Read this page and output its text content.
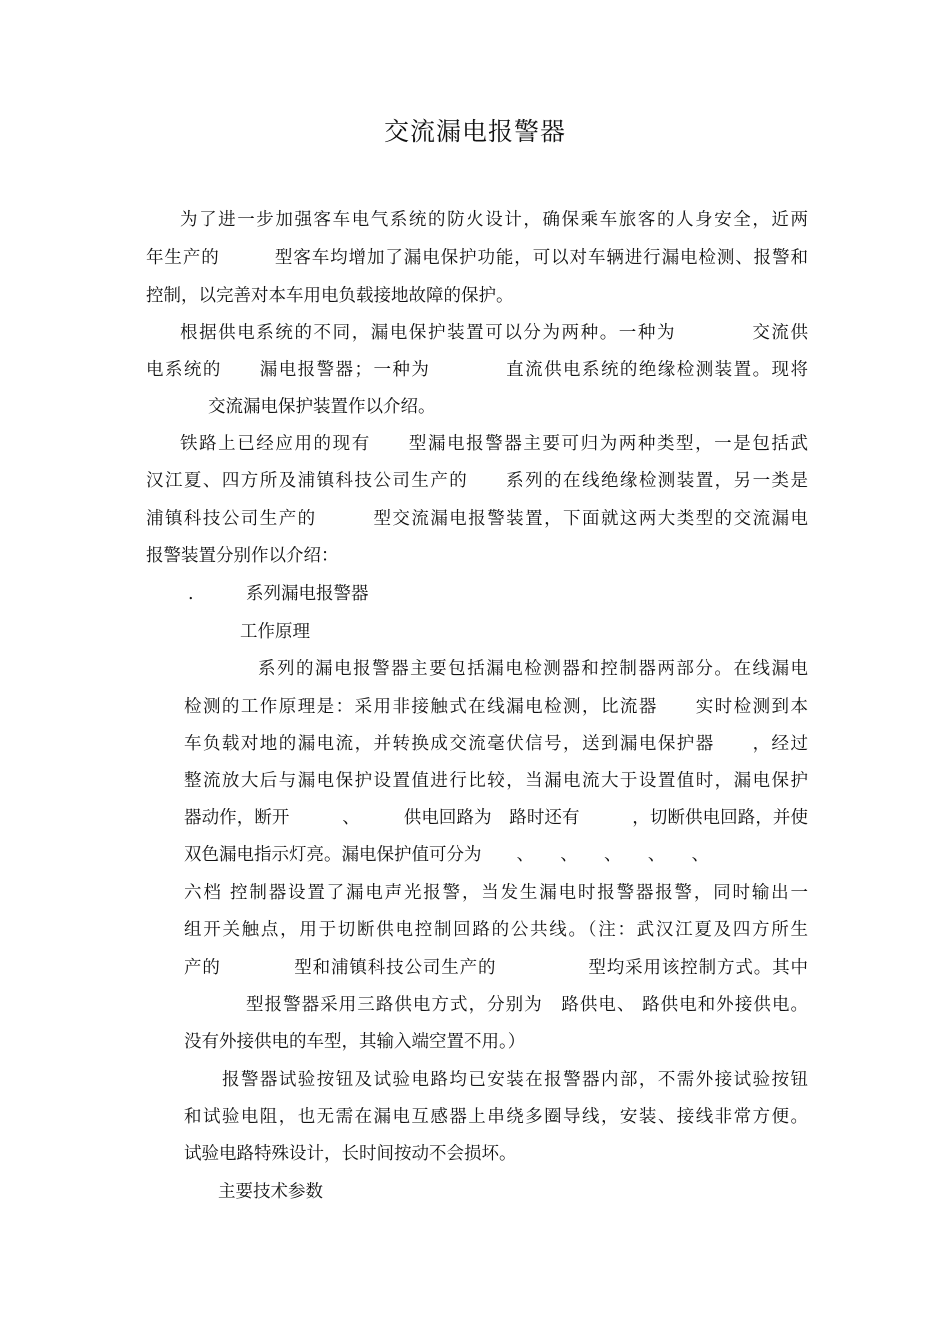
交流漏电报警器
为了进一步加强客车电气系统的防火设计，确保乘车旅客的人身安全，近两
年生产的　　　型客车均增加了漏电保护功能，可以对车辆进行漏电检测、报警和
控制，以完善对本车用电负载接地故障的保护。
根据供电系统的不同，漏电保护装置可以分为两种。一种为　　　　交流供
电系统的　　漏电报警器；一种为　　　　直流供电系统的绝缘检测装置。现将
交流漏电保护装置作以介绍。
铁路上已经应用的现有　　型漏电报警器主要可归为两种类型，一是包括武
汉江夏、四方所及浦镇科技公司生产的　　系列的在线绝缘检测装置，另一类是
浦镇科技公司生产的　　　型交流漏电报警装置，下面就这两大类型的交流漏电
报警装置分别作以介绍：
.	系列漏电报警器
工作原理
系列的漏电报警器主要包括漏电检测器和控制器两部分。在线漏电
检测的工作原理是：采用非接触式在线漏电检测，比流器　　实时检测到本
车负载对地的漏电流，并转换成交流毫伏信号，送到漏电保护器　　，经过
整流放大后与漏电保护设置值进行比较，当漏电流大于设置值时，漏电保护
器动作，断开　　　、　　　供电回路为　路时还有　　　，切断供电回路，并使
双色漏电指示灯亮。漏电保护值可分为　　、　　、　　、　　、　　、
六档 控制器设置了漏电声光报警，当发生漏电时报警器报警，同时输出一
组开关触点，用于切断供电控制回路的公共线。（注：武汉江夏及四方所生
产的　　　　型和浦镇科技公司生产的　　　　　型均采用该控制方式。其中
型报警器采用三路供电方式，分别为　路供电、 路供电和外接供电。
没有外接供电的车型，其输入端空置不用。）
报警器试验按钮及试验电路均已安装在报警器内部，不需外接试验按钮
和试验电阻，也无需在漏电互感器上串绕多圈导线，安装、接线非常方便。
试验电路特殊设计，长时间按动不会损坏。
主要技术参数
